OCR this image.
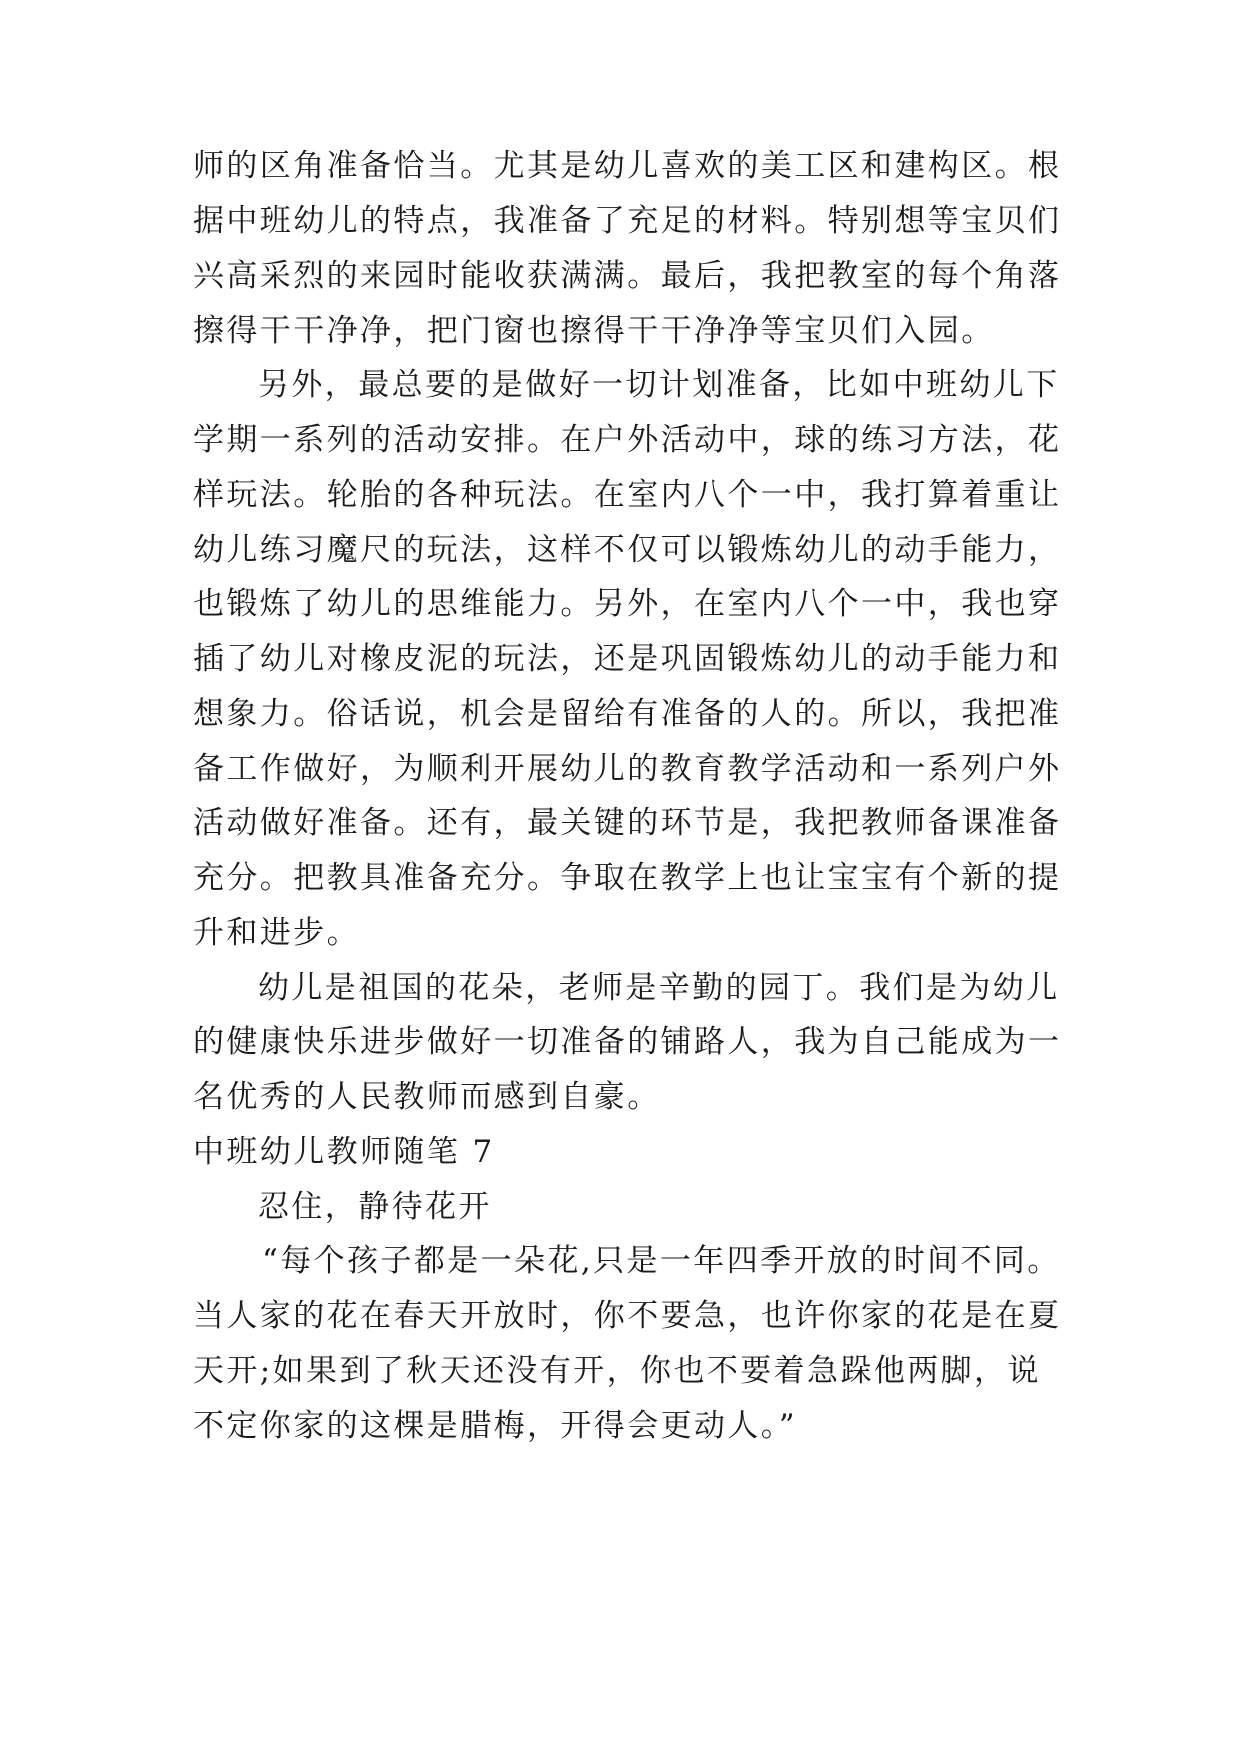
师的区角准备恰当。尤其是幼儿喜欢的美工区和建构区。根
据中班幼儿的特点，我准备了充足的材料。特别想等宝贝们
兴高采烈的来园时能收获满满。最后，我把教室的每个角落
擦得干干净净，把门窗也擦得干干净净等宝贝们入园。
另外，最总要的是做好一切计划准备，比如中班幼儿下
学期一系列的活动安排。在户外活动中，球的练习方法，花
样玩法。轮胎的各种玩法。在室内八个一中，我打算着重让
幼儿练习魔尺的玩法，这样不仅可以锻炼幼儿的动手能力，
也锻炼了幼儿的思维能力。另外，在室内八个一中，我也穿
插了幼儿对橡皮泥的玩法，还是巩固锻炼幼儿的动手能力和
想象力。俗话说，机会是留给有准备的人的。所以，我把准
备工作做好，为顺利开展幼儿的教育教学活动和一系列户外
活动做好准备。还有，最关键的环节是，我把教师备课准备
充分。把教具准备充分。争取在教学上也让宝宝有个新的提
升和进步。
幼儿是祖国的花朵，老师是辛勤的园丁。我们是为幼儿
的健康快乐进步做好一切准备的铺路人，我为自己能成为一
名优秀的人民教师而感到自豪。
中班幼儿教师随笔 7
忍住，静待花开
“每个孩子都是一朵花,只是一年四季开放的时间不同。
当人家的花在春天开放时，你不要急，也许你家的花是在夏
天开;如果到了秋天还没有开，你也不要着急跺他两脚，说
不定你家的这棵是腊梅，开得会更动人。”
